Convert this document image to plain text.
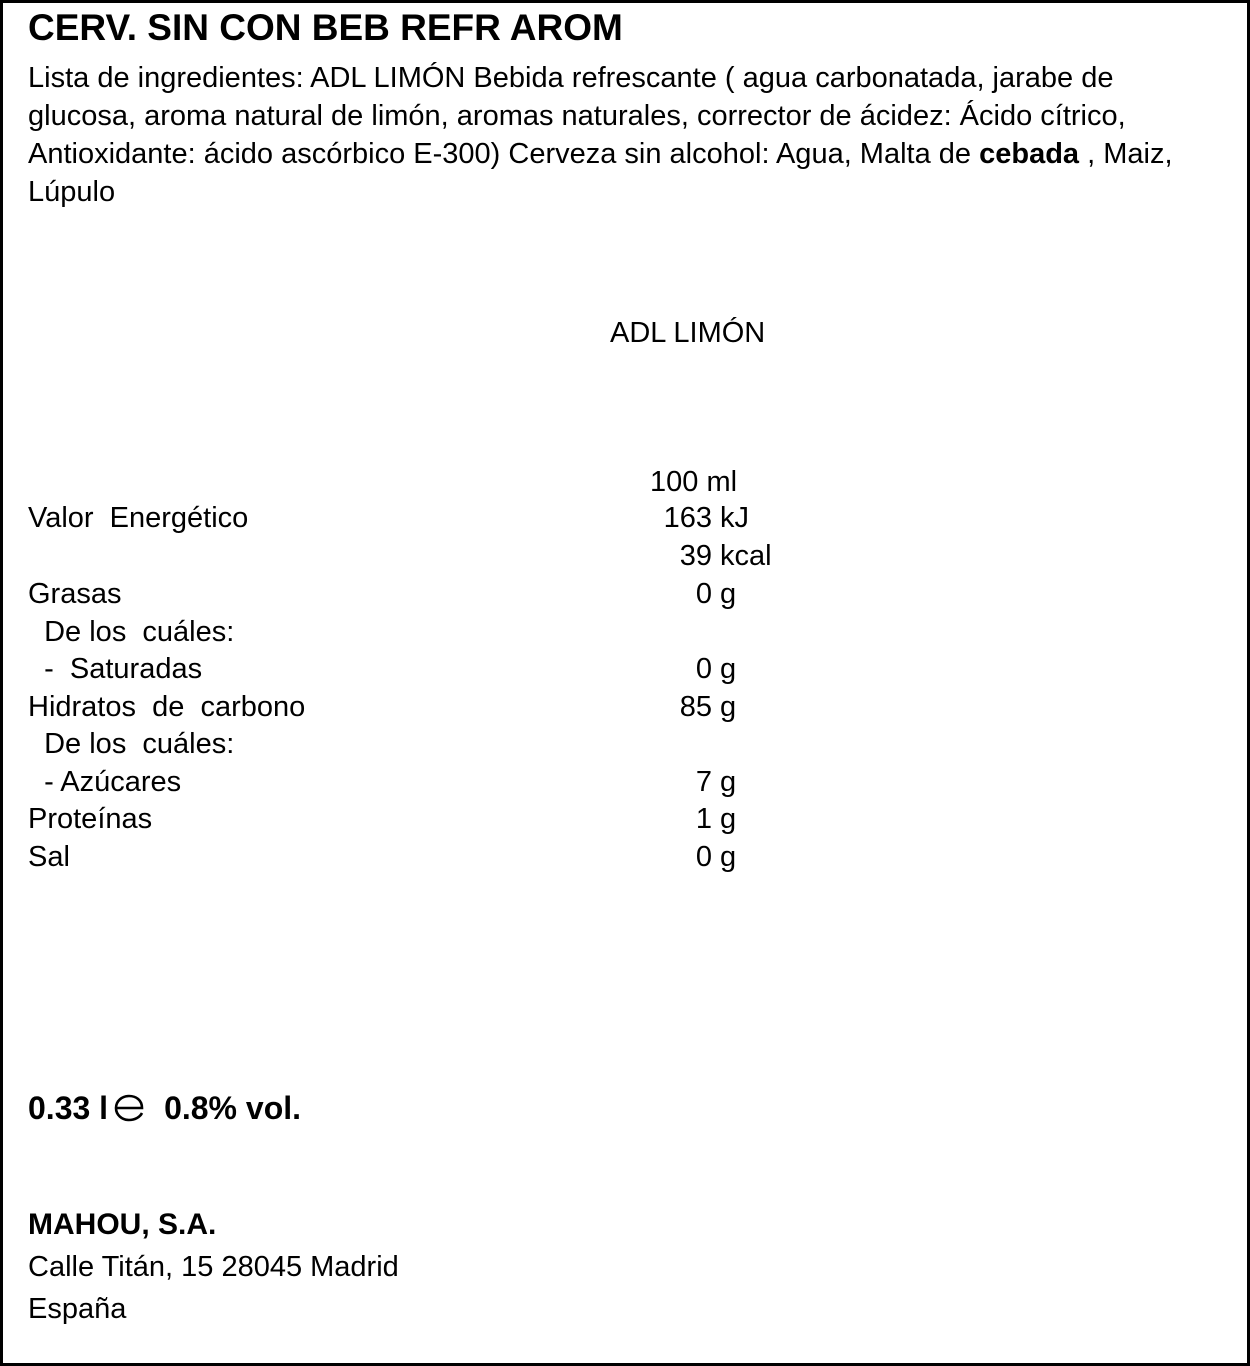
CERV. SIN CON BEB REFR AROM
Lista de ingredientes: ADL LIMÓN Bebida refrescante ( agua carbonatada, jarabe de glucosa, aroma natural de limón, aromas naturales, corrector de ácidez: Ácido cítrico, Antioxidante: ácido ascórbico E-300) Cerveza sin alcohol: Agua, Malta de cebada , Maiz, Lúpulo
ADL LIMÓN
100 ml
Valor  Energético	163 kJ
39 kcal
Grasas	0 g
De los  cuáles:
-  Saturadas	0 g
Hidratos  de  carbono	85 g
De los  cuáles:
- Azúcares	7 g
Proteínas	1 g
Sal	0 g
0.33 l 0.8% vol.
MAHOU, S.A.
Calle Titán, 15 28045 Madrid
España
